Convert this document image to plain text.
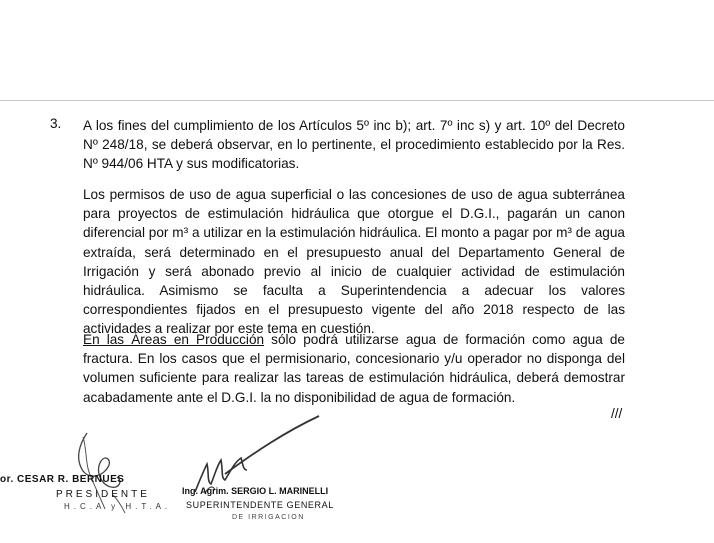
3. A los fines del cumplimiento de los Artículos 5º inc b); art. 7º inc s) y art. 10º del Decreto Nº 248/18, se deberá observar, en lo pertinente, el procedimiento establecido por la Res. Nº 944/06 HTA y sus modificatorias.

Los permisos de uso de agua superficial o las concesiones de uso de agua subterránea para proyectos de estimulación hidráulica que otorgue el D.G.I., pagarán un canon diferencial por m³ a utilizar en la estimulación hidráulica. El monto a pagar por m³ de agua extraída, será determinado en el presupuesto anual del Departamento General de Irrigación y será abonado previo al inicio de cualquier actividad de estimulación hidráulica. Asimismo se faculta a Superintendencia a adecuar los valores correspondientes fijados en el presupuesto vigente del año 2018 respecto de las actividades a realizar por este tema en cuestión.

En las Áreas en Producción sólo podrá utilizarse agua de formación como agua de fractura. En los casos que el permisionario, concesionario y/u operador no disponga del volumen suficiente para realizar las tareas de estimulación hidráulica, deberá demostrar acabadamente ante el D.G.I. la no disponibilidad de agua de formación.

///
or. CESAR R. BERNUES
PRESIDENTE
H.C.A y H.T.A.
Ing. Agrim. SERGIO L. MARINELLI
SUPERINTENDENTE GENERAL
DE IRRIGACION
